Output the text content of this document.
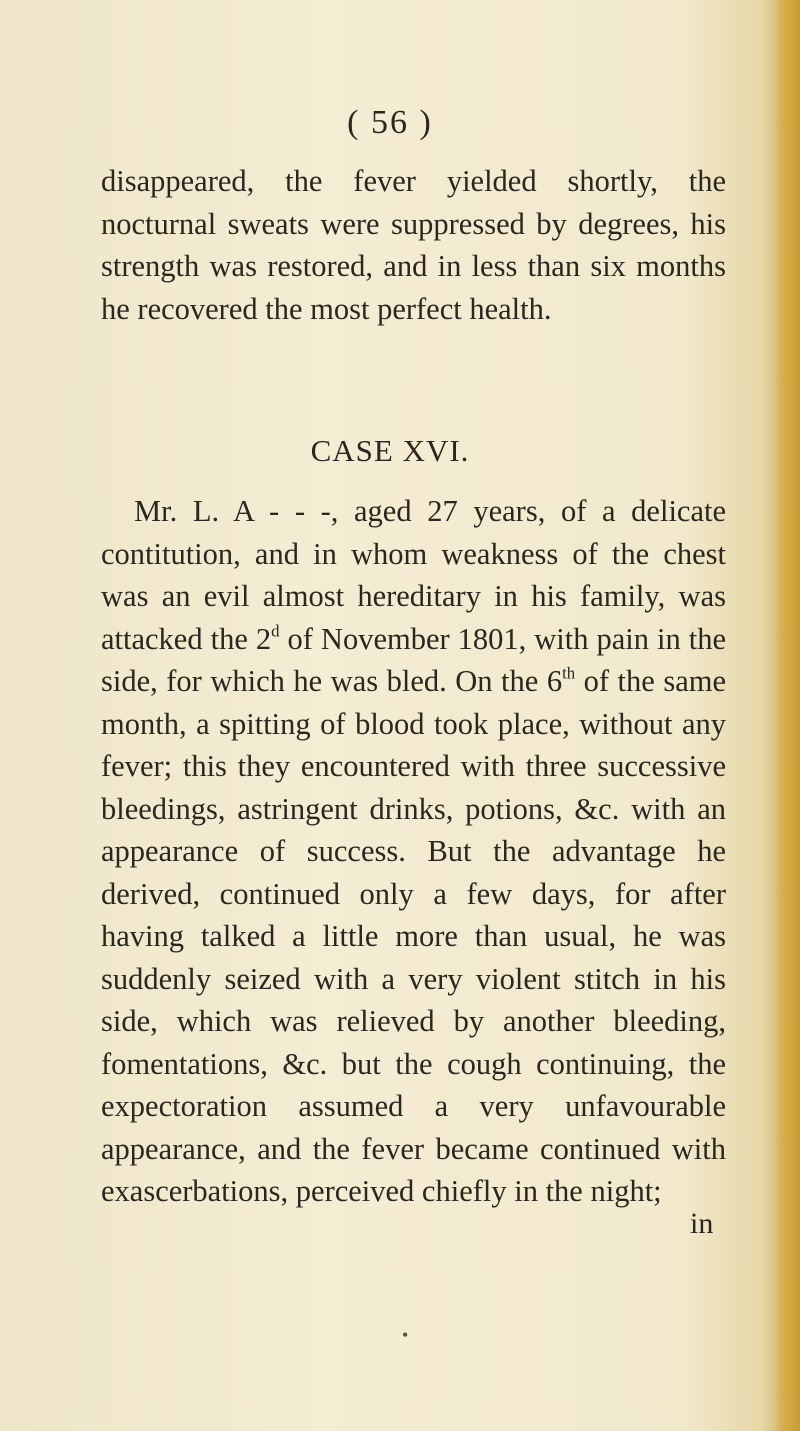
( 56 )

disappeared, the fever yielded shortly, the nocturnal sweats were suppressed by degrees, his strength was restored, and in less than six months he recovered the most perfect health.

CASE XVI.

Mr. L. A - - -, aged 27 years, of a delicate contitution, and in whom weakness of the chest was an evil almost hereditary in his family, was attacked the 2$^d$ of November 1801, with pain in the side, for which he was bled. On the 6th of the same month, a spitting of blood took place, without any fever; this they encountered with three successive bleedings, astringent drinks, potions, &c. with an appearance of success. But the advantage he derived, continued only a few days, for after having talked a little more than usual, he was suddenly seized with a very violent stitch in his side, which was relieved by another bleeding, fomentations, &c. but the cough continuing, the expectoration assumed a very unfavourable appearance, and the fever became continued with exascerbations, perceived chiefly in the night;

in
•
